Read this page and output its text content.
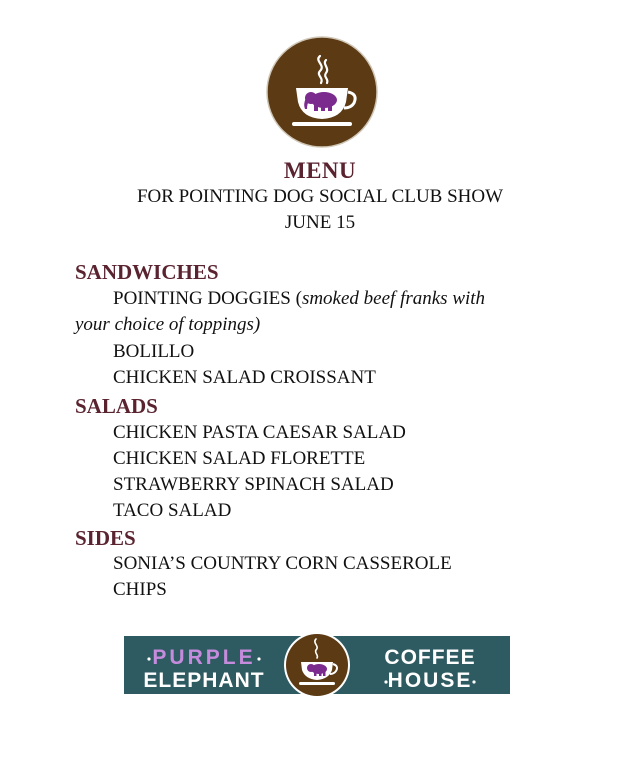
MENU
FOR POINTING DOG SOCIAL CLUB SHOW
JUNE 15
SANDWICHES
POINTING DOGGIES (smoked beef franks with
your choice of toppings)
BOLILLO
CHICKEN SALAD CROISSANT
SALADS
CHICKEN PASTA CAESAR SALAD
CHICKEN SALAD FLORETTE
STRAWBERRY SPINACH SALAD
TACO SALAD
SIDES
SONIA’S COUNTRY CORN CASSEROLE
CHIPS
PURPLE
ELEPHANT
COFFEE
HOUSE
